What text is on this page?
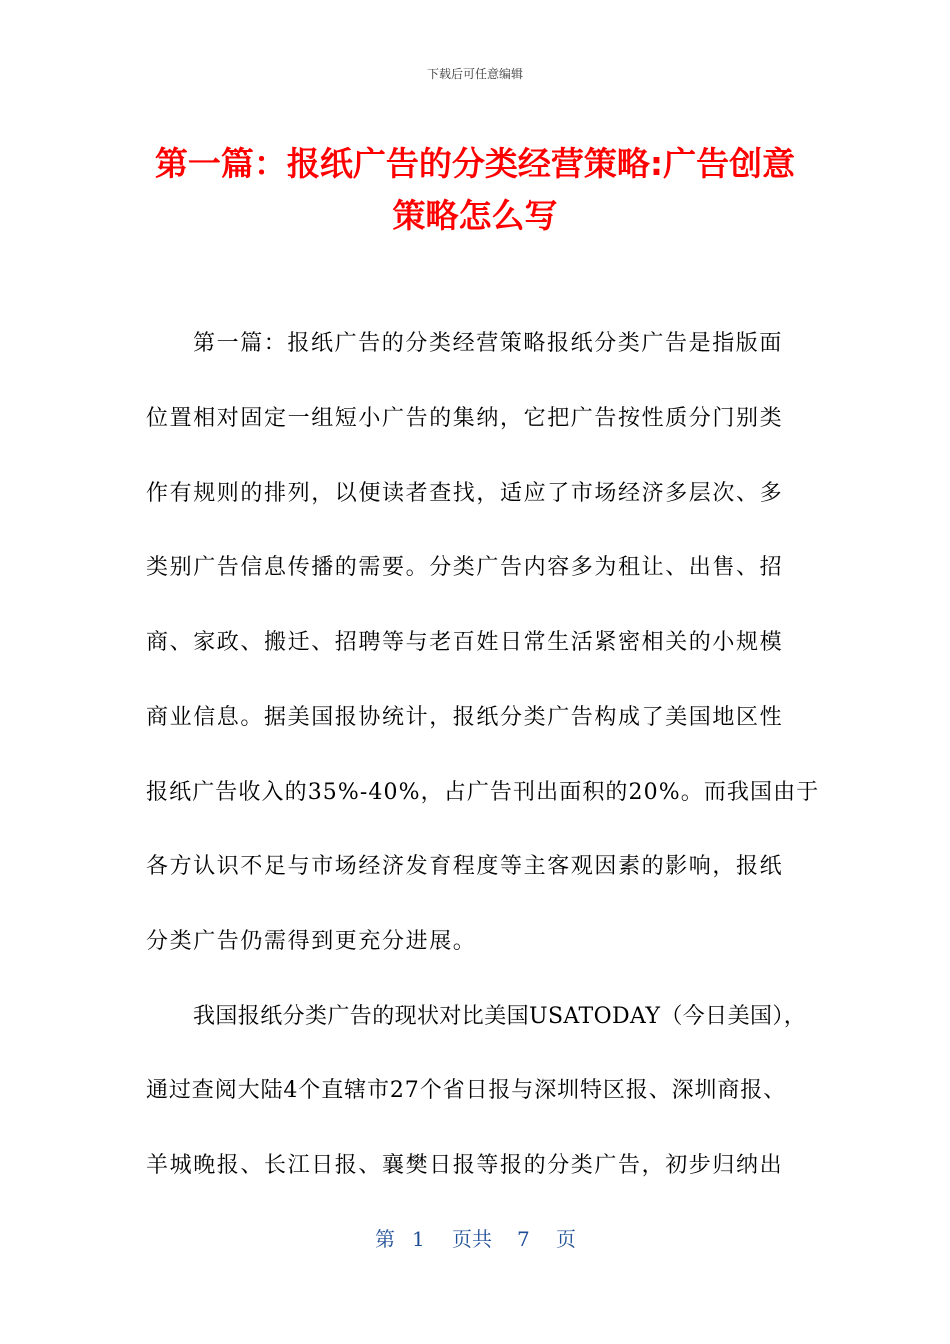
下载后可任意编辑
第一篇：报纸广告的分类经营策略:广告创意
策略怎么写
第一篇：报纸广告的分类经营策略报纸分类广告是指版面
位置相对固定一组短小广告的集纳，它把广告按性质分门别类
作有规则的排列，以便读者查找，适应了市场经济多层次、多
类别广告信息传播的需要。分类广告内容多为租让、出售、招
商、家政、搬迁、招聘等与老百姓日常生活紧密相关的小规模
商业信息。据美国报协统计，报纸分类广告构成了美国地区性
报纸广告收入的35%-40%，占广告刊出面积的20%。而我国由于
各方认识不足与市场经济发育程度等主客观因素的影响，报纸
分类广告仍需得到更充分进展。
我国报纸分类广告的现状对比美国USATODAY（今日美国），
通过查阅大陆4个直辖市27个省日报与深圳特区报、深圳商报、
羊城晚报、长江日报、襄樊日报等报的分类广告，初步归纳出
第 1 页共 7 页
